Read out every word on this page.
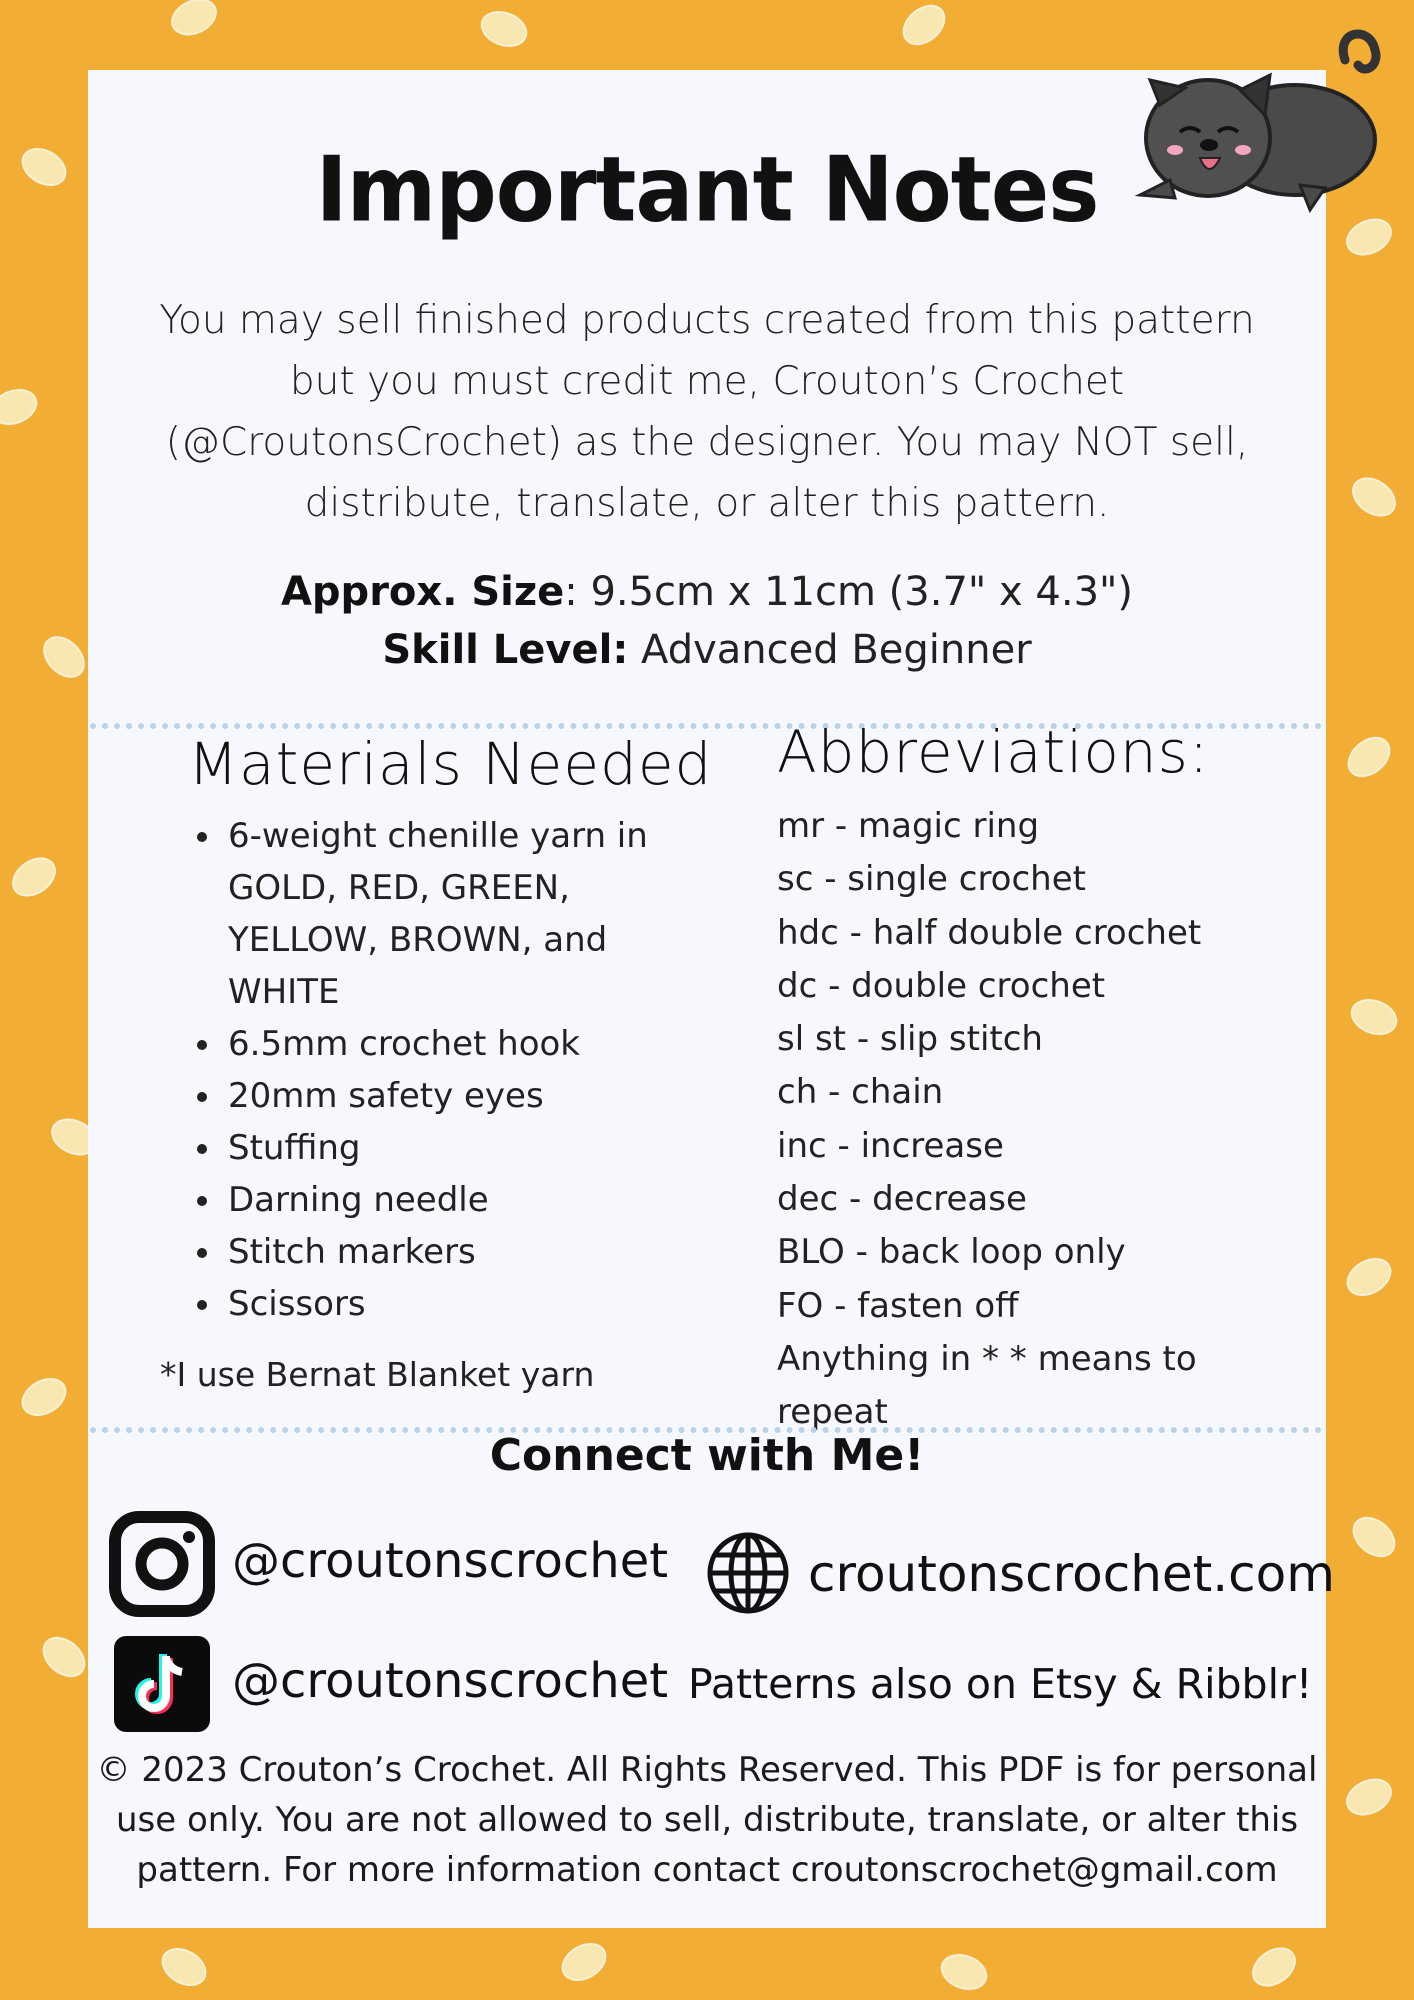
Important Notes
You may sell finished products created from this pattern but you must credit me, Crouton’s Crochet (@CroutonsCrochet) as the designer. You may NOT sell, distribute, translate, or alter this pattern.
Approx. Size: 9.5cm x 11cm (3.7" x 4.3")
Skill Level: Advanced Beginner
Materials Needed
• 6-weight chenille yarn in GOLD, RED, GREEN, YELLOW, BROWN, and WHITE
• 6.5mm crochet hook
• 20mm safety eyes
• Stuffing
• Darning needle
• Stitch markers
• Scissors
*I use Bernat Blanket yarn
Abbreviations:
mr - magic ring
sc - single crochet
hdc - half double crochet
dc - double crochet
sl st - slip stitch
ch - chain
inc - increase
dec - decrease
BLO - back loop only
FO - fasten off
Anything in * * means to repeat
Connect with Me!
@croutonscrochet	croutonscrochet.com
@croutonscrochet Patterns also on Etsy & Ribblr!
© 2023 Crouton’s Crochet. All Rights Reserved. This PDF is for personal use only. You are not allowed to sell, distribute, translate, or alter this pattern. For more information contact croutonscrochet@gmail.com
